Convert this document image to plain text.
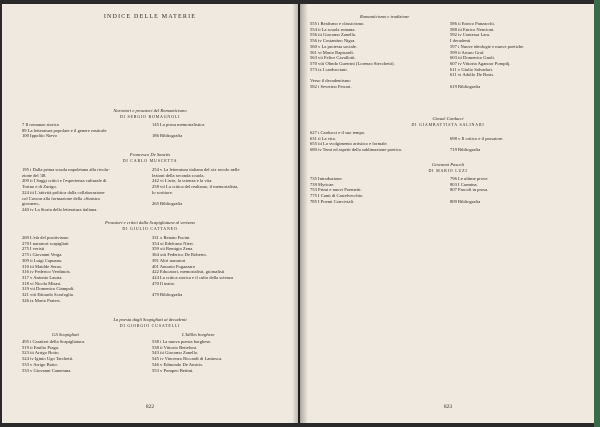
INDICE DELLE MATERIE
Narratori e prosatori del Romanticismo
DI SERGIO ROMAGNOLI
7 Il romanzo storico
89 La letteratura popolare e il genere rusticale
100 Ippolito Nievo
145 La prosa memorialistica

186 Bibliografia
Francesco De Sanctis
DI CARLO MUSCETTA
195 i Dalla prima scuola napoletana alla rivolu-
zione del '48.
209 ii I Saggi critici e l'esperienza culturale di
Torino e di Zurigo.
224 iii L'attività politica dalla collaborazione
col Cavour alla formazione della «Sinistra
giovane».
240 iv La Storia della letteratura italiana.
254 v La letteratura italiana del xix secolo nelle
lezioni della seconda scuola.
242 vi L'arte, la scienza e la vita.
258 vii La critica del realismo, il memorialista,
lo scrittore.

265 Bibliografia
Prosatori e critici dalla Scapigliatura al verismo
DI GIULIO CATTANEO
269 L'età del positivismo
270 I narratori scapigliati
275 I veristi
275 i Giovanni Verga.
309 ii Luigi Capuana.
310 iii Matilde Serao.
316 iv Federico Verdinois.
317 v Antonio Lauria.
318 vi Nicola Misasi.
319 vii Domenico Ciampoli.
321 viii Edoardo Scarfoglio.
326 ix Mario Pratesi.
331 x Renato Fucini.
354 xi Ildefonso Nieri.
359 xii Remigio Zena.
364 xiii Federico De Roberto.
391 Altri narratori
401 Antonio Fogazzaro
422 Educatori, memorialisti, giornalisti
424 La critica storica e il culto della scienza
470 Il teatro

479 Bibliografia
La poesia dagli Scapigliati ai decadenti
DI GIORGIO CUSATELLI
Gli Scapigliati	L'Idillio borghese
495 i Caratteri della Scapigliatura.
519 ii Emilio Praga.
523 iii Arrigo Boito.
524 iv Iginio Ugo Tarchetti.
533 v Arrigo Boito.
533 v Giovanni Camerana.
538 i La nuova poesia borghese.
538 ii Vittorio Betteloni.
543 iii Giacomo Zanella.
545 iv Vincenzo Riccardi di Lantosca.
546 v Edmondo De Amicis.
553 v Pompeo Bettini.
822
Romanticismo e tradizione
555 i Realismo e classicismo.
554 ii La scuola romana.
556 iii Giacomo Zanella.
556 iv Costantino Nigra.
560 v La protesta sociale.
561 vi Mario Rapisardi.
563 vii Felice Cavallotti.
570 viii Olindo Guerrini (Lorenzo Stecchetti).
573 ix I carducciani.

Verso il decadentismo
582 i Severino Ferrari.
586 ii Enrico Panzacchi.
588 iii Enrico Nencioni.
592 iv Contessa Lara.
I decadenti
597 i Nuove ideologie e nuove poetiche.
599 ii Arturo Graf.
603 iii Domenico Gnoli.
607 iv Vittoria Aganoor Pompilj.
611 v Giulio Salvadori.
611 vi Adolfo De Bosis.

619 Bibliografia
Giosuè Carducci
DI GIAMBATTISTA SALINARI
627 i Carducci e il suo tempo.
631 ii La vita.
655 iii Lo svolgimento artistico e formale.
680 iv Temi ed aspetti della sublimazione poetica.

698 v Il critico e il prosatore.

719 Bibliografia
Giovanni Pascoli
DI MARIO LUZI
735 Introduzione.
739 Myricae.
753 Primi e nuovi Poemetti.
775 I Canti di Castelvecchio.
785 I Poemi Conviviali.
796 Le ultime prove.
803 I Carmina.
807 Pascoli in prosa.

809 Bibliografia
823
